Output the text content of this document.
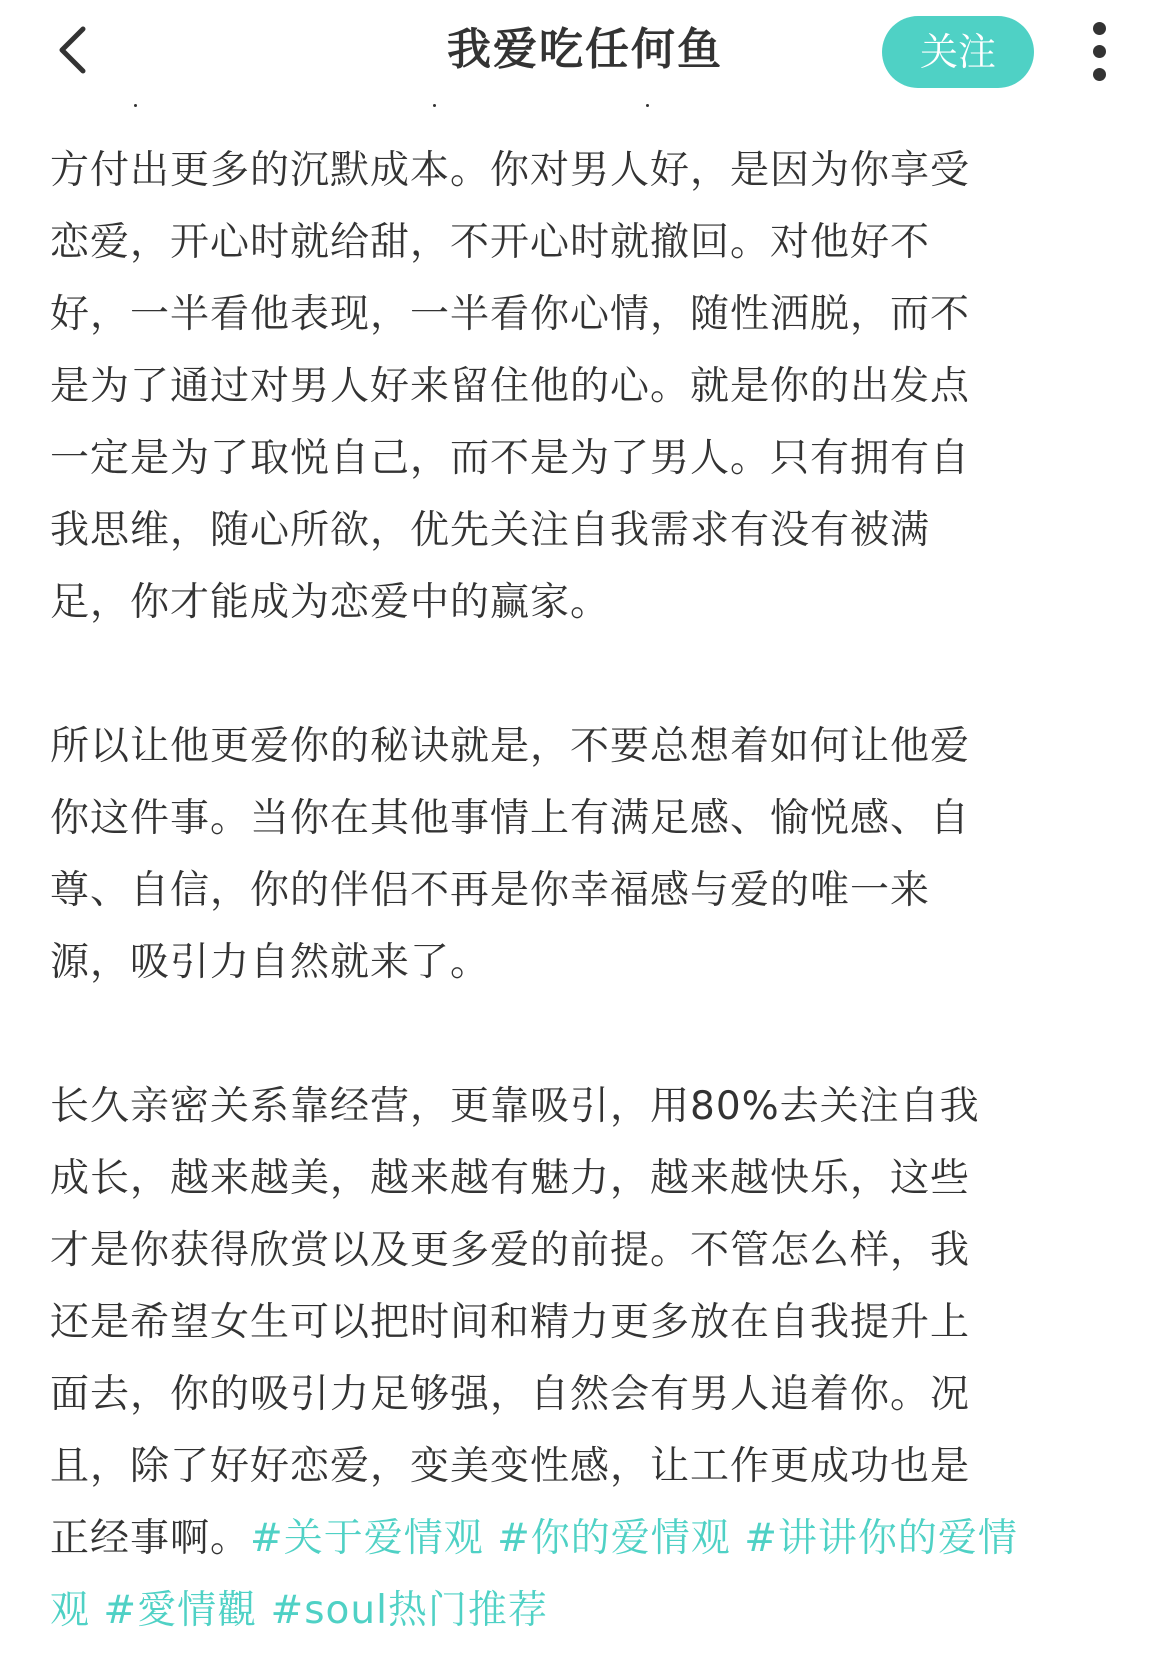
我爱吃任何鱼	关注

方付出更多的沉默成本。你对男人好，是因为你享受
恋爱，开心时就给甜，不开心时就撤回。对他好不
好，一半看他表现，一半看你心情，随性洒脱，而不
是为了通过对男人好来留住他的心。就是你的出发点
一定是为了取悦自己，而不是为了男人。只有拥有自
我思维，随心所欲，优先关注自我需求有没有被满
足，你才能成为恋爱中的赢家。

所以让他更爱你的秘诀就是，不要总想着如何让他爱
你这件事。当你在其他事情上有满足感、愉悦感、自
尊、自信，你的伴侣不再是你幸福感与爱的唯一来
源，吸引力自然就来了。

长久亲密关系靠经营，更靠吸引，用80%去关注自我
成长，越来越美，越来越有魅力，越来越快乐，这些
才是你获得欣赏以及更多爱的前提。不管怎么样，我
还是希望女生可以把时间和精力更多放在自我提升上
面去，你的吸引力足够强，自然会有男人追着你。况
且，除了好好恋爱，变美变性感，让工作更成功也是
正经事啊。#关于爱情观 #你的爱情观 #讲讲你的爱情
观 #愛情觀 #soul热门推荐
